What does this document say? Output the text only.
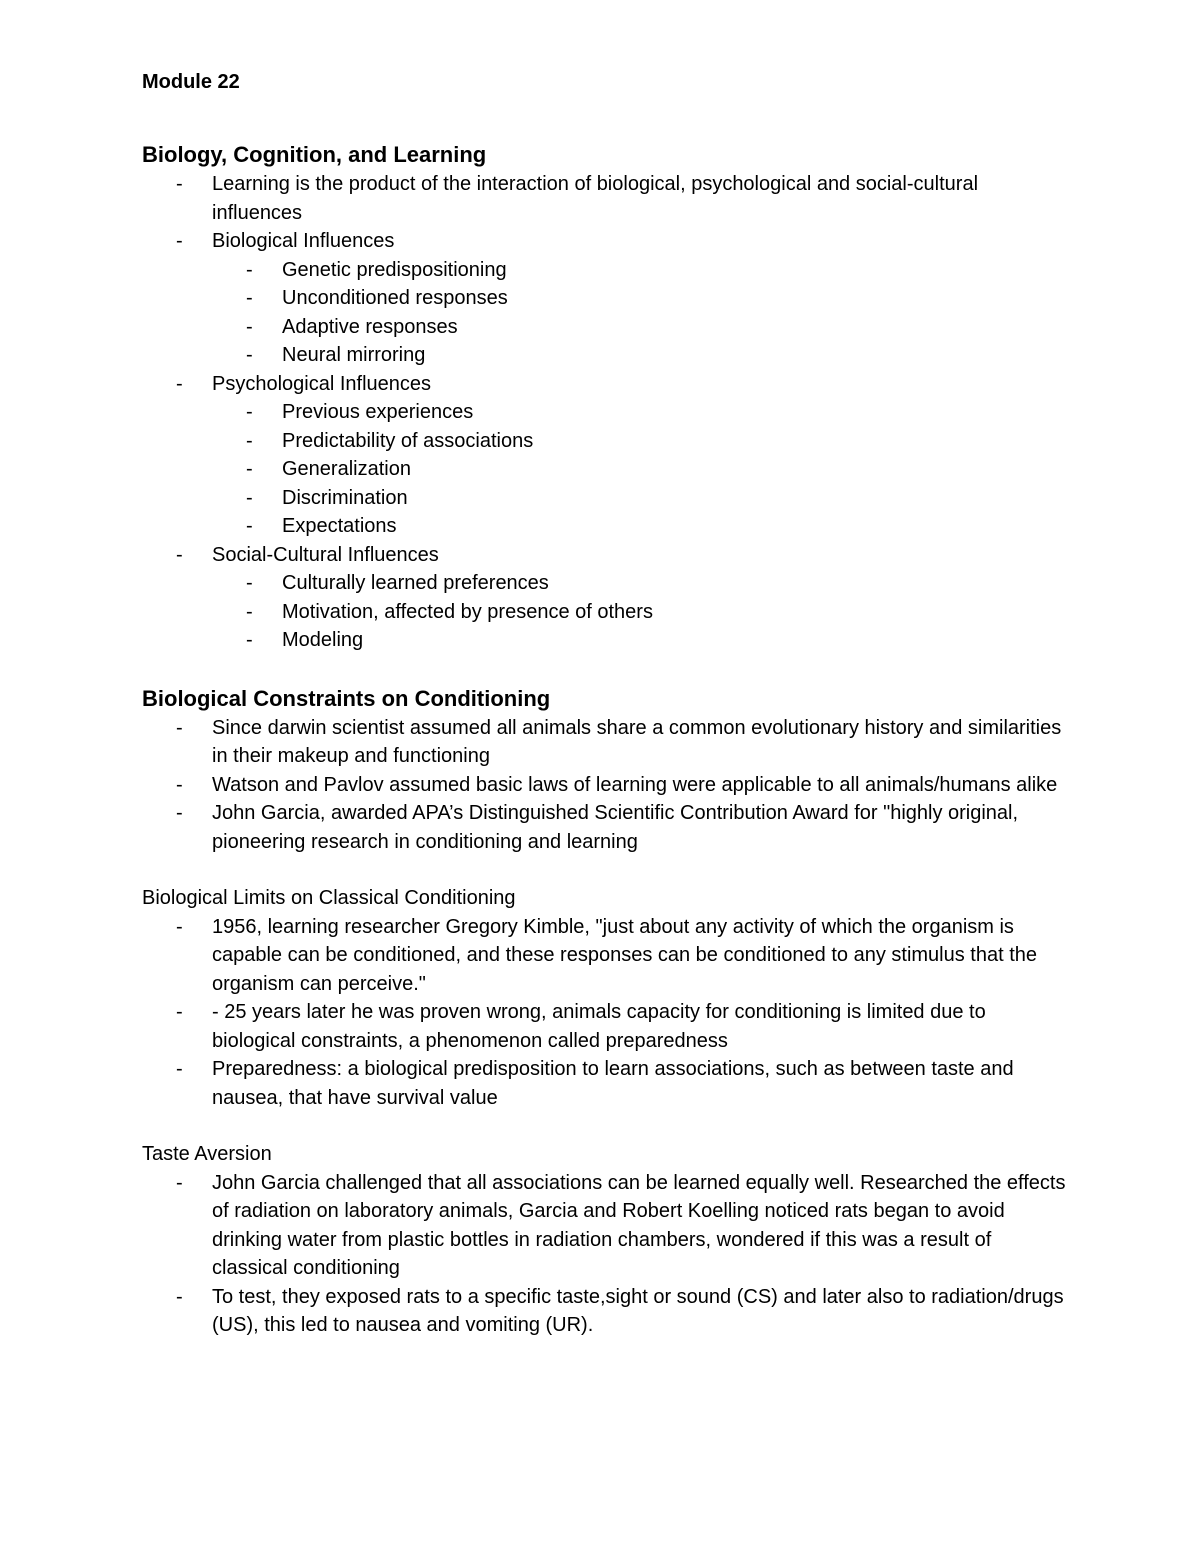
Module 22

Biology, Cognition, and Learning
- Learning is the product of the interaction of biological, psychological and social-cultural influences
- Biological Influences
- Genetic predispositioning
- Unconditioned responses
- Adaptive responses
- Neural mirroring
- Psychological Influences
- Previous experiences
- Predictability of associations
- Generalization
- Discrimination
- Expectations
- Social-Cultural Influences
- Culturally learned preferences
- Motivation, affected by presence of others
- Modeling
Biological Constraints on Conditioning
- Since darwin scientist assumed all animals share a common evolutionary history and similarities in their makeup and functioning
- Watson and Pavlov assumed basic laws of learning were applicable to all animals/humans alike
- John Garcia, awarded APA’s Distinguished Scientific Contribution Award for "highly original, pioneering research in conditioning and learning

Biological Limits on Classical Conditioning

- 1956, learning researcher Gregory Kimble, "just about any activity of which the organism is capable can be conditioned, and these responses can be conditioned to any stimulus that the organism can perceive."
- - 25 years later he was proven wrong, animals capacity for conditioning is limited due to biological constraints, a phenomenon called preparedness
- Preparedness: a biological predisposition to learn associations, such as between taste and nausea, that have survival value

Taste Aversion

- John Garcia challenged that all associations can be learned equally well. Researched the effects of radiation on laboratory animals, Garcia and Robert Koelling noticed rats began to avoid drinking water from plastic bottles in radiation chambers, wondered if this was a result of classical conditioning
- To test, they exposed rats to a specific taste,sight or sound (CS) and later also to radiation/drugs (US), this led to nausea and vomiting (UR).
